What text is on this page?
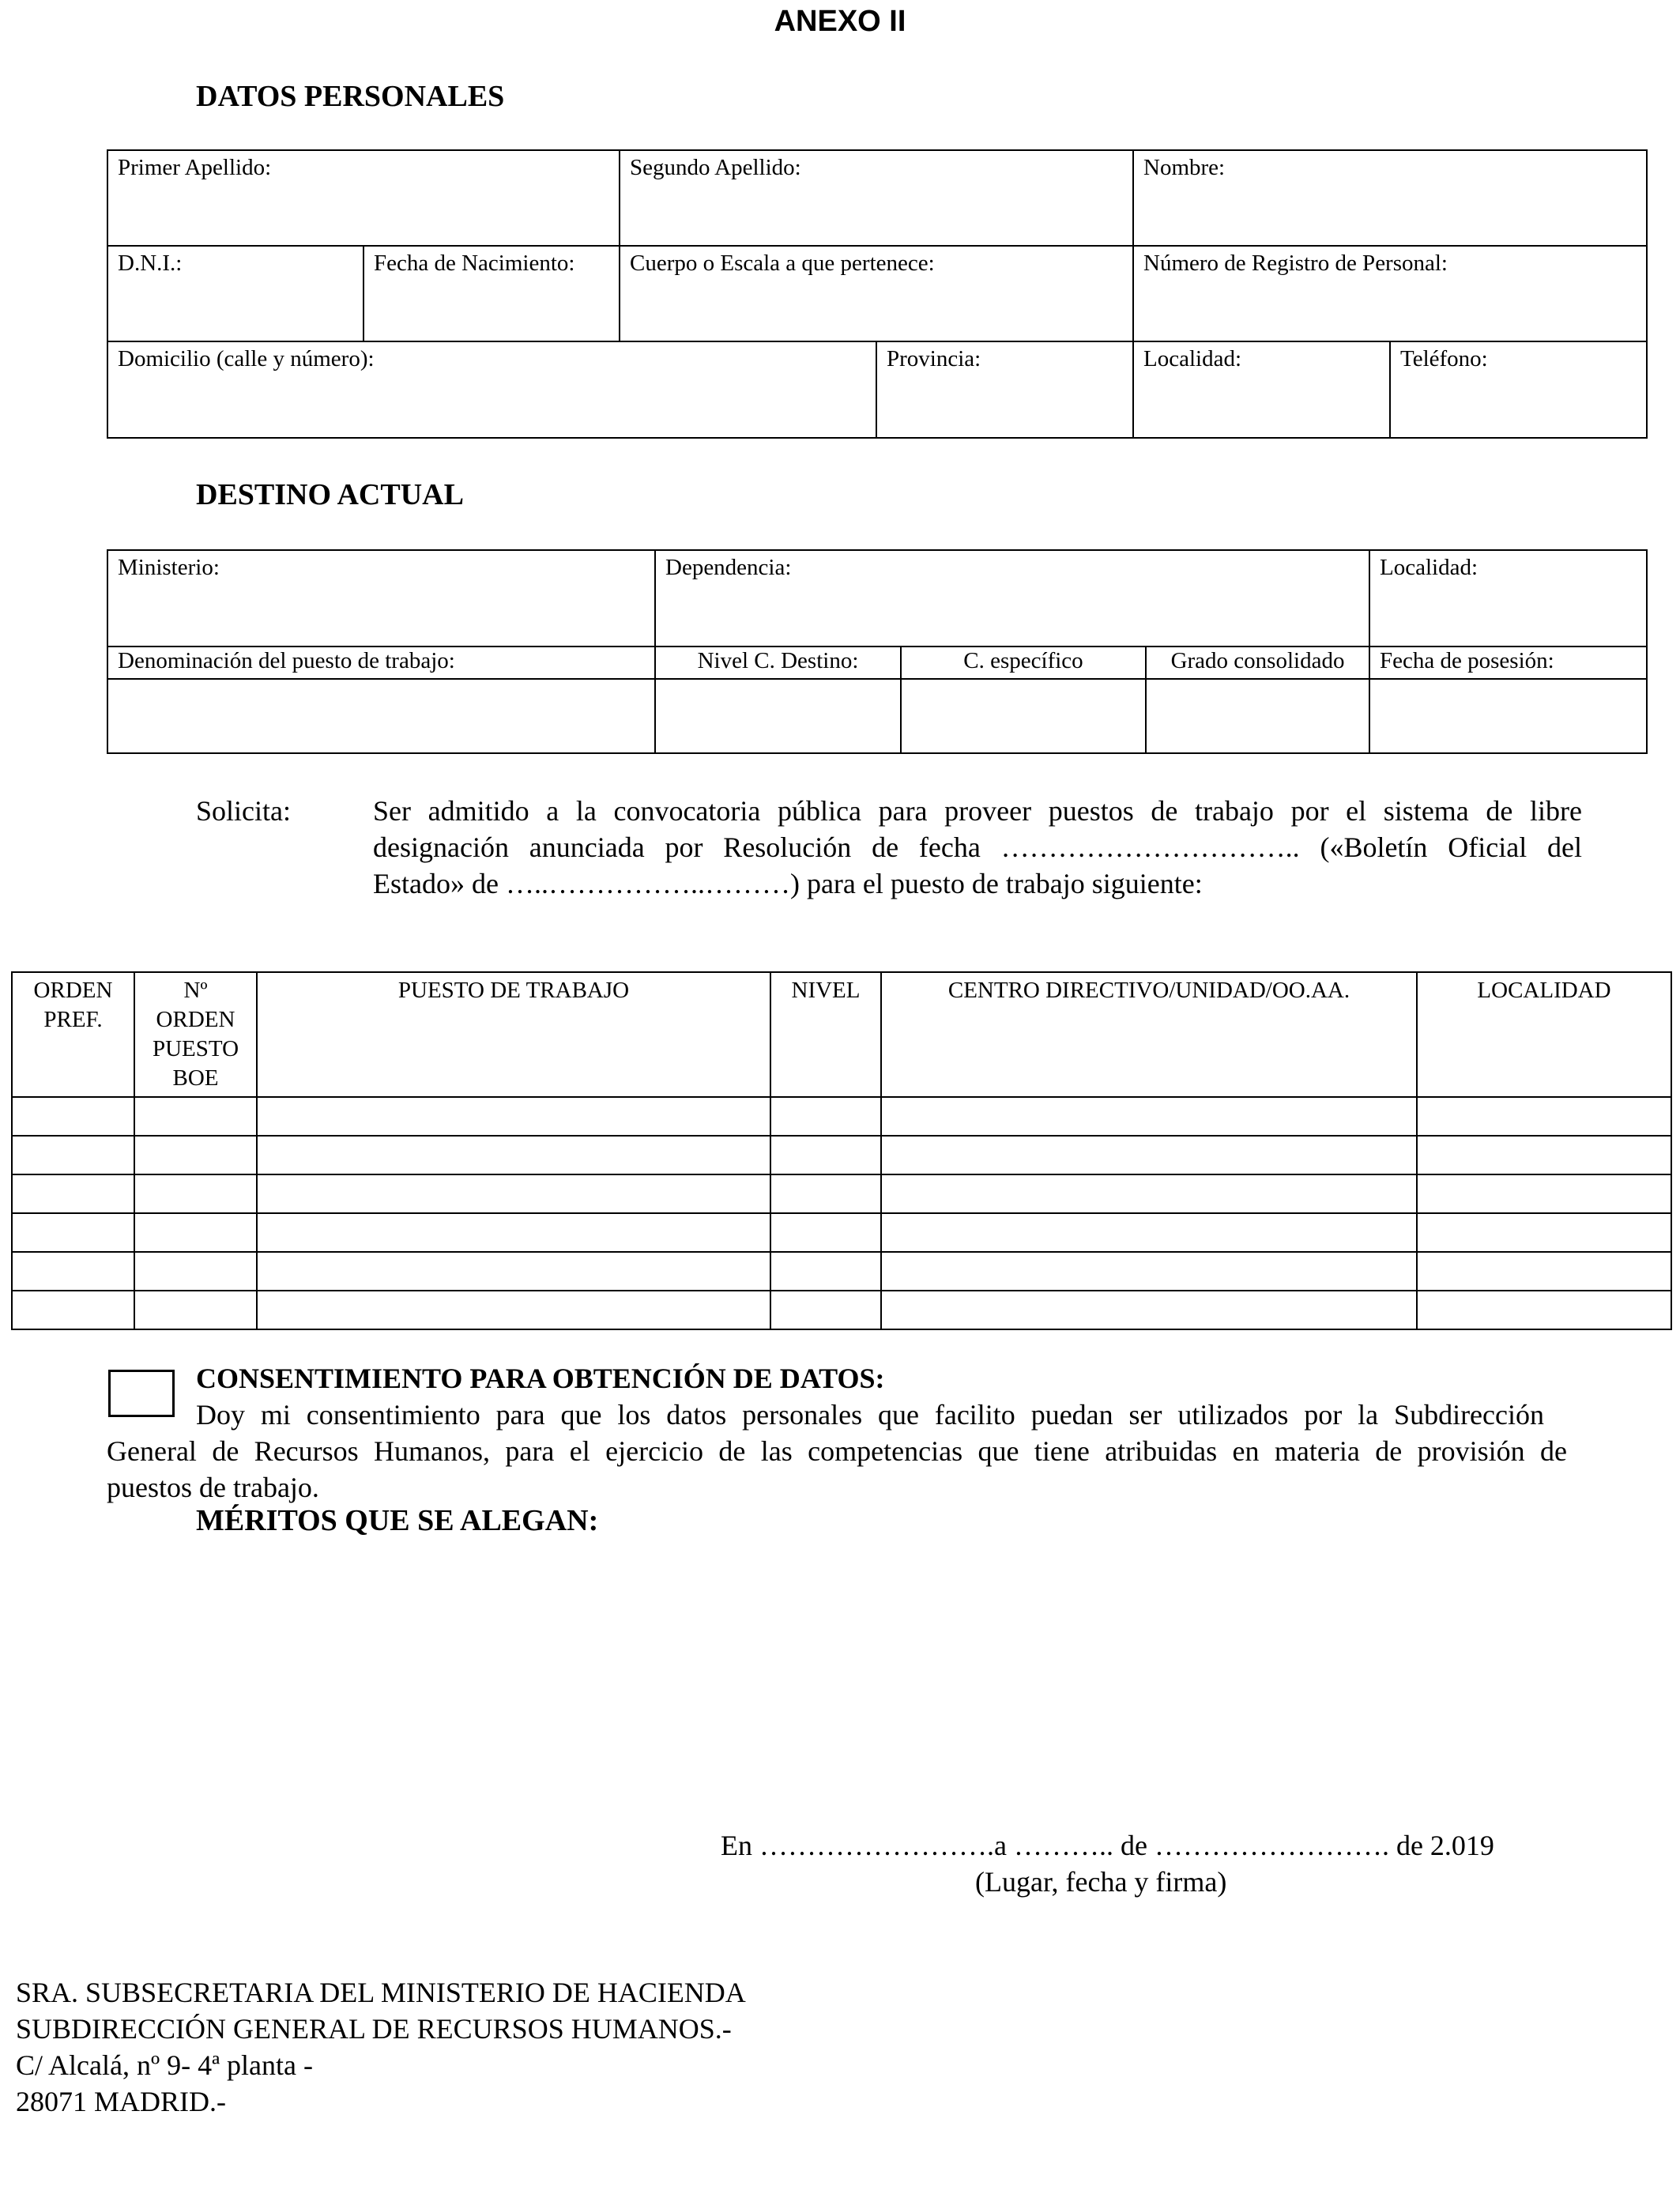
ANEXO II
DATOS PERSONALES
Primer Apellido:		Segundo Apellido:		Nombre:	
D.N.I.:	Fecha de Nacimiento:	Cuerpo o Escala a que pertenece:		Número de Registro de Personal:	
Domicilio (calle y número):			Provincia:	Localidad:	Teléfono:
DESTINO ACTUAL
Ministerio:	Dependencia:			Localidad:
Denominación del puesto de trabajo:	Nivel C. Destino:	C. específico	Grado consolidado	Fecha de posesión:

Solicita:	Ser admitido a la convocatoria pública para proveer puestos de trabajo por el sistema de libre
designación anunciada por Resolución de fecha ………………………….. («Boletín Oficial del
Estado» de …..……………..………) para el puesto de trabajo siguiente:
ORDEN
PREF.	Nº
ORDEN
PUESTO
BOE	PUESTO DE TRABAJO	NIVEL	CENTRO DIRECTIVO/UNIDAD/OO.AA.	LOCALIDAD

CONSENTIMIENTO PARA OBTENCIÓN DE DATOS:
Doy mi consentimiento para que los datos personales que facilito puedan ser utilizados por la Subdirección
General de Recursos Humanos, para el ejercicio de las competencias que tiene atribuidas en materia de provisión de
puestos de trabajo.
MÉRITOS QUE SE ALEGAN:
En …………………….a ……….. de ……………………. de 2.019
(Lugar, fecha y firma)
SRA. SUBSECRETARIA DEL MINISTERIO DE HACIENDA
SUBDIRECCIÓN GENERAL DE RECURSOS HUMANOS.-
C/ Alcalá, nº 9- 4ª planta -
28071 MADRID.-
